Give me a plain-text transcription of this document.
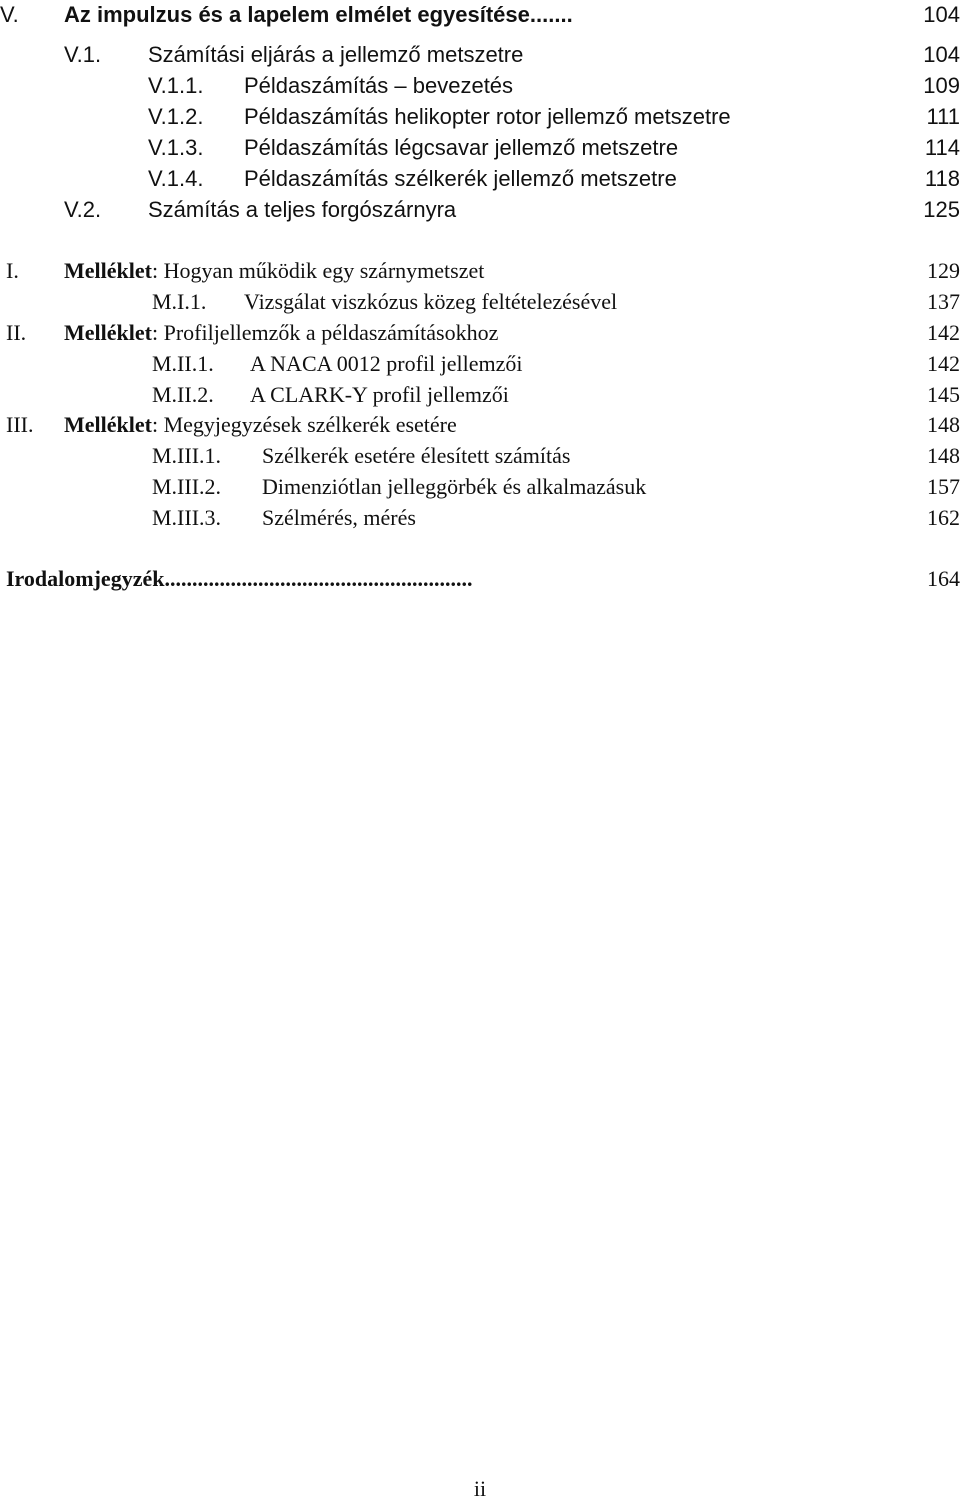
V. Az impulzus és a lapelem elmélet egyesítése.......	104
V.1. Számítási eljárás a jellemző metszetre	104
V.1.1. Példaszámítás – bevezetés	109
V.1.2. Példaszámítás helikopter rotor jellemző metszetre	111
V.1.3. Példaszámítás légcsavar jellemző metszetre	114
V.1.4. Példaszámítás szélkerék jellemző metszetre	118
V.2. Számítás a teljes forgószárnyra	125
I. Melléklet: Hogyan működik egy szárnymetszet	129
M.I.1. Vizsgálat viszkózus közeg feltételezésével	137
II. Melléklet: Profiljellemzők a példaszámításokhoz	142
M.II.1. A NACA 0012 profil jellemzői	142
M.II.2. A CLARK-Y profil jellemzői	145
III. Melléklet: Megyjegyzések szélkerék esetére	148
M.III.1. Szélkerék esetére élesített számítás	148
M.III.2. Dimenziótlan jelleggörbék és alkalmazásuk	157
M.III.3. Szélmérés, mérés	162
Irodalomjegyzék........................................................	164
ii
